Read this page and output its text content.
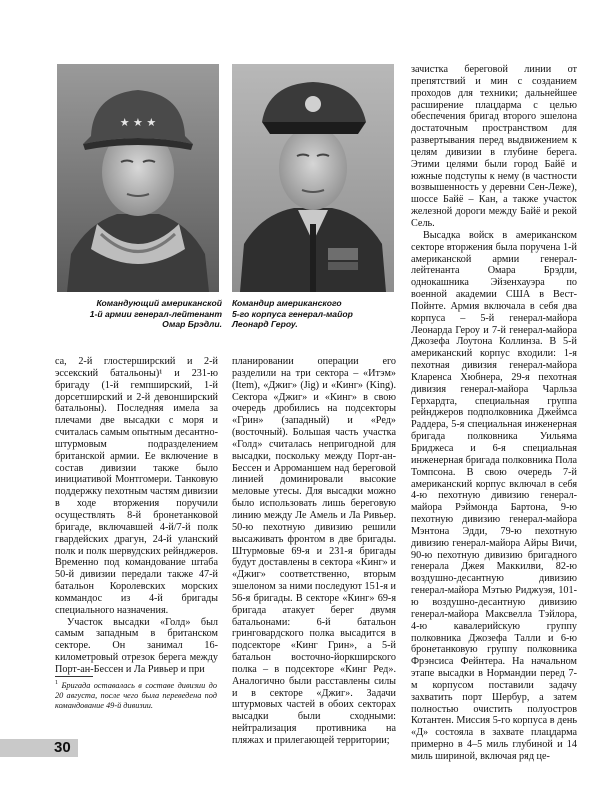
★ ★ ★
Командующий американской
1-й армии генерал-лейтенант
Омар Брэдли.
Командир американского
5-го корпуса генерал-майор
Леонард Героу.

са, 2-й глостерширский и 2-й эссекский батальоны)¹ и 231-ю бригаду (1-й гемпширский, 1-й дорсетширский и 2-й девонширский батальоны). Последняя имела за плечами две высадки с моря и считалась самым опытным десантно-штурмовым подразделением британской армии. Ее включение в состав дивизии также было инициативой Монтгомери. Танковую поддержку пехотным частям дивизии в ходе вторжения поручили осуществлять 8-й бронетанковой бригаде, включавшей 4-й/7-й полк гвардейских драгун, 24-й уланский полк и полк шервудских рейнджеров. Временно под командование штаба 50-й дивизии передали также 47-й батальон Королевских морских коммандос из 4-й бригады специального назначения.

Участок высадки «Голд» был самым западным в британском секторе. Он занимал 16-километровый отрезок берега между Порт-ан-Бессен и Ла Ривьер и при

$^1$ Бригада оставалась в составе дивизии до 20 августа, после чего была переведена под командование 49-й дивизии.

планировании операции его разделили на три сектора – «Итэм» (Item), «Джиг» (Jig) и «Кинг» (King). Сектора «Джиг» и «Кинг» в свою очередь дробились на подсекторы «Грин» (западный) и «Ред» (восточный). Большая часть участка «Голд» считалась непригодной для высадки, поскольку между Порт-ан-Бессен и Арроманшем над береговой линией доминировали высокие меловые утесы. Для высадки можно было использовать лишь береговую линию между Ле Амель и Ла Ривьер. 50-ю пехотную дивизию решили высаживать фронтом в две бригады. Штурмовые 69-я и 231-я бригады будут доставлены в сектора «Кинг» и «Джиг» соответственно, вторым эшелоном за ними последуют 151-я и 56-я бригады. В секторе «Кинг» 69-я бригада атакует берег двумя батальонами: 6-й батальон гринговардского полка высадится в подсекторе «Кинг Грин», а 5-й батальон восточно-йоркширского полка – в подсекторе «Кинг Ред». Аналогично были расставлены силы и в секторе «Джиг». Задачи штурмовых частей в обоих секторах высадки были сходными: нейтрализация противника на пляжах и прилегающей территории;

зачистка береговой линии от препятствий и мин с созданием проходов для техники; дальнейшее расширение плацдарма с целью обеспечения бригад второго эшелона достаточным пространством для развертывания перед выдвижением к целям дивизии в глубине берега. Этими целями были город Байё и южные подступы к нему (в частности возвышенность у деревни Сен-Леже), шоссе Байё – Кан, а также участок железной дороги между Байё и рекой Сель.

Высадка войск в американском секторе вторжения была поручена 1-й американской армии генерал-лейтенанта Омара Брэдли, однокашника Эйзенхауэра по военной академии США в Вест-Пойнте. Армия включала в себя два корпуса – 5-й генерал-майора Леонарда Героу и 7-й генерал-майора Джозефа Лоутона Коллинза. В 5-й американский корпус входили: 1-я пехотная дивизия генерал-майора Кларенса Хюбнера, 29-я пехотная дивизия генерал-майора Чарльза Герхардта, специальная группа рейнджеров подполковника Джеймса Раддера, 5-я специальная инженерная бригада полковника Уильяма Бриджеса и 6-я специальная инженерная бригада полковника Пола Томпсона. В свою очередь 7-й американский корпус включал в себя 4-ю пехотную дивизию генерал-майора Рэймонда Бартона, 9-ю пехотную дивизию генерал-майора Мэнтона Эдди, 79-ю пехотную дивизию генерал-майора Айры Вичи, 90-ю пехотную дивизию бригадного генерала Джея Маккилви, 82-ю воздушно-десантную дивизию генерал-майора Мэтью Риджуэя, 101-ю воздушно-десантную дивизию генерал-майора Максвелла Тэйлора, 4-ю кавалерийскую группу полковника Джозефа Талли и 6-ю бронетанковую группу полковника Фрэнсиса Фейнтера. На начальном этапе высадки в Нормандии перед 7-м корпусом поставили задачу захватить порт Шербур, а затем полностью очистить полуостров Котантен. Миссия 5-го корпуса в день «Д» состояла в захвате плацдарма примерно в 4–5 миль глубиной и 14 миль шириной, включая ряд це-

30
